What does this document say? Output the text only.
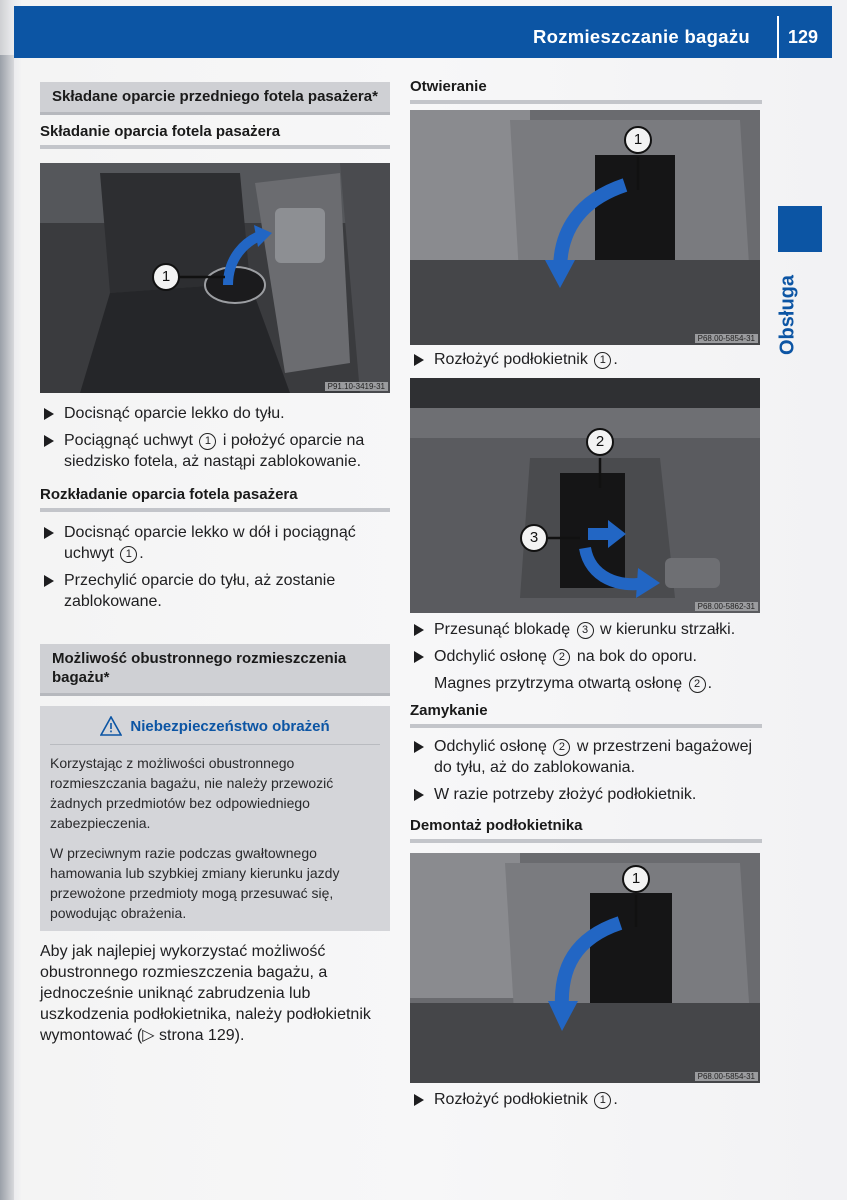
Rozmieszczanie bagażu 129
Obsługa
Składane oparcie przedniego fotela pasażera*
Składanie oparcia fotela pasażera
1
P91.10-3419-31
Docisnąć oparcie lekko do tyłu.
Pociągnąć uchwyt 1 i położyć oparcie na siedzisko fotela, aż nastąpi zablokowanie.
Rozkładanie oparcia fotela pasażera
Docisnąć oparcie lekko w dół i pociągnąć uchwyt 1 .
Przechylić oparcie do tyłu, aż zostanie zablokowane.
Możliwość obustronnego rozmieszczenia bagażu*
Niebezpieczeństwo obrażeń

Korzystając z możliwości obustronnego rozmieszczania bagażu, nie należy przewozić żadnych przedmiotów bez odpowiedniego zabezpieczenia.

W przeciwnym razie podczas gwałtownego hamowania lub szybkiej zmiany kierunku jazdy przewożone przedmioty mogą przesuwać się, powodując obrażenia.

Aby jak najlepiej wykorzystać możliwość obustronnego rozmieszczenia bagażu, a jednocześnie uniknąć zabrudzenia lub uszkodzenia podłokietnika, należy podłokietnik wymontować (▷ strona 129).

Otwieranie
1
P68.00-5854-31
Rozłożyć podłokietnik 1 .
2
3
P68.00-5862-31
Przesunąć blokadę 3 w kierunku strzałki.
Odchylić osłonę 2 na bok do oporu.
Magnes przytrzyma otwartą osłonę 2 .
Zamykanie
Odchylić osłonę 2 w przestrzeni bagażowej do tyłu, aż do zablokowania.
W razie potrzeby złożyć podłokietnik.
Demontaż podłokietnika
1
P68.00-5854-31
Rozłożyć podłokietnik 1 .
